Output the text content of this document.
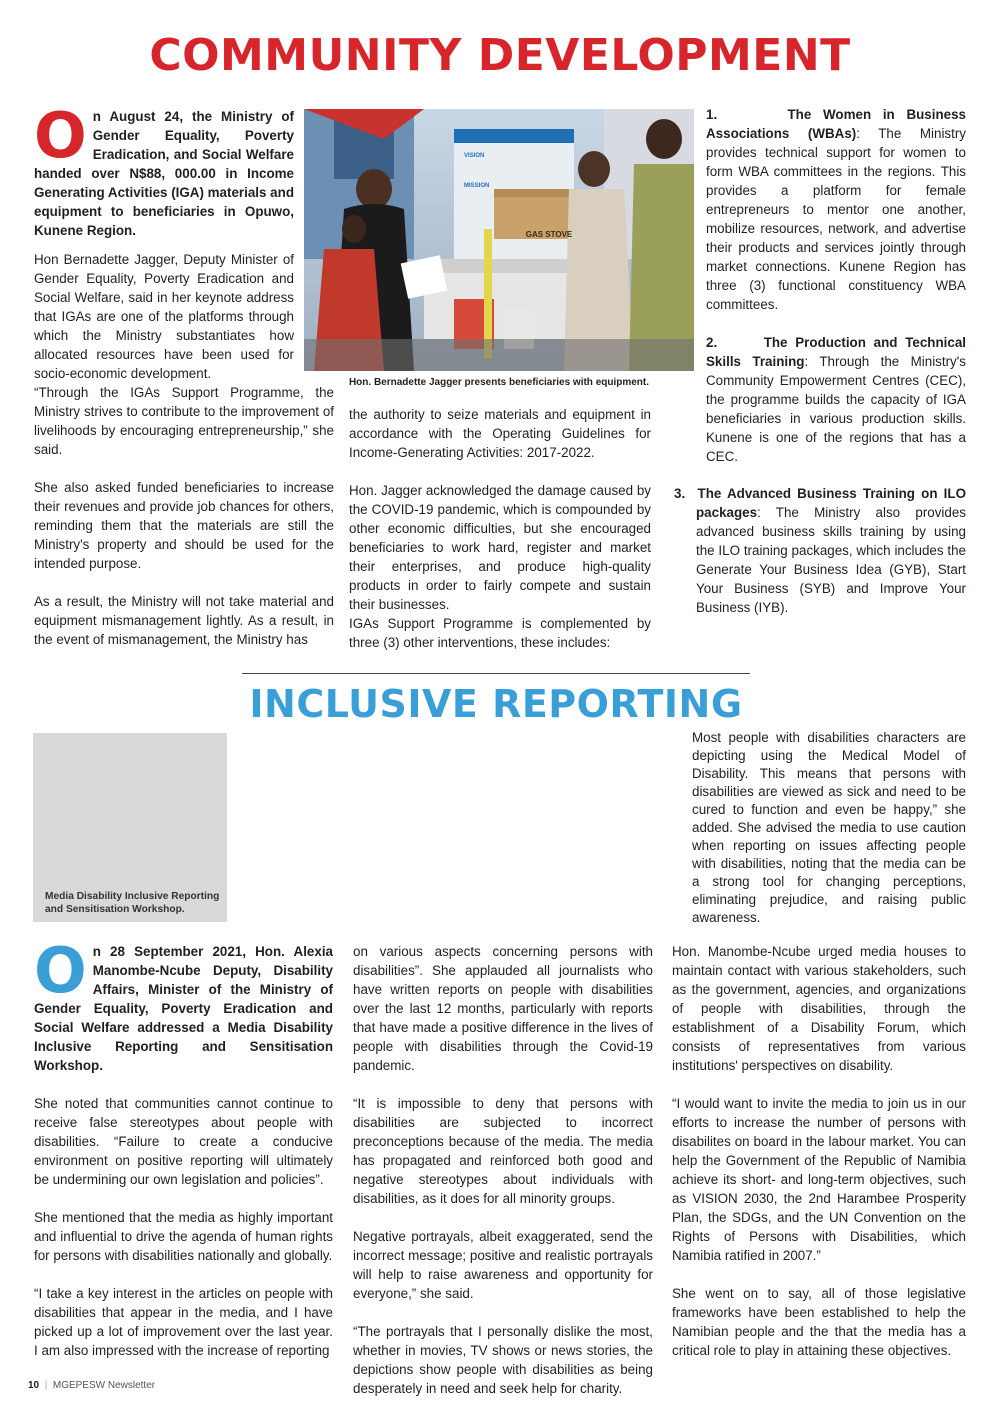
COMMUNITY DEVELOPMENT

On August 24, the Ministry of Gender Equality, Poverty Eradication, and Social Welfare handed over N$88, 000.00 in Income Generating Activities (IGA) materials and equipment to beneficiaries in Opuwo, Kunene Region.

Hon Bernadette Jagger, Deputy Minister of Gender Equality, Poverty Eradication and Social Welfare, said in her keynote address that IGAs are one of the platforms through which the Ministry substantiates how allocated resources have been used for socio-economic development.

“Through the IGAs Support Programme, the Ministry strives to contribute to the improvement of livelihoods by encouraging entrepreneurship,” she said.

She also asked funded beneficiaries to increase their revenues and provide job chances for others, reminding them that the materials are still the Ministry's property and should be used for the intended purpose.

As a result, the Ministry will not take material and equipment mismanagement lightly. As a result, in the event of mismanagement, the Ministry has

GAS STOVE
VISION
MISSION
Hon. Bernadette Jagger presents beneficiaries with equipment.

the authority to seize materials and equipment in accordance with the Operating Guidelines for Income-Generating Activities: 2017-2022.

Hon. Jagger acknowledged the damage caused by the COVID-19 pandemic, which is compounded by other economic difficulties, but she encouraged beneficiaries to work hard, register and market their enterprises, and produce high-quality products in order to fairly compete and sustain their businesses.

IGAs Support Programme is complemented by three (3) other interventions, these includes:

1.	The Women in Business Associations (WBAs): The Ministry provides technical support for women to form WBA committees in the regions. This provides a platform for female entrepreneurs to mentor one another, mobilize resources, network, and advertise their products and services jointly through market connections. Kunene Region has three (3) functional constituency WBA committees.

2.	The Production and Technical Skills Training: Through the Ministry's Community Empowerment Centres (CEC), the programme builds the capacity of IGA beneficiaries in various production skills. Kunene is one of the regions that has a CEC.

3. The Advanced Business Training on ILO packages: The Ministry also provides advanced business skills training by using the ILO training packages, which includes the Generate Your Business Idea (GYB), Start Your Business (SYB) and Improve Your Business (IYB).

INCLUSIVE REPORTING
Media Disability Inclusive Reporting and Sensitisation Workshop.

Most people with disabilities characters are depicting using the Medical Model of Disability. This means that persons with disabilities are viewed as sick and need to be cured to function and even be happy,” she added. She advised the media to use caution when reporting on issues affecting people with disabilities, noting that the media can be a strong tool for changing perceptions, eliminating prejudice, and raising public awareness.

On 28 September 2021, Hon. Alexia Manombe-Ncube Deputy, Disability Affairs, Minister of the Ministry of Gender Equality, Poverty Eradication and Social Welfare addressed a Media Disability Inclusive Reporting and Sensitisation Workshop.

She noted that communities cannot continue to receive false stereotypes about people with disabilities. “Failure to create a conducive environment on positive reporting will ultimately be undermining our own legislation and policies”.

She mentioned that the media as highly important and influential to drive the agenda of human rights for persons with disabilities nationally and globally.

“I take a key interest in the articles on people with disabilities that appear in the media, and I have picked up a lot of improvement over the last year. I am also impressed with the increase of reporting

on various aspects concerning persons with disabilities”. She applauded all journalists who have written reports on people with disabilities over the last 12 months, particularly with reports that have made a positive difference in the lives of people with disabilities through the Covid-19 pandemic.

“It is impossible to deny that persons with disabilities are subjected to incorrect preconceptions because of the media. The media has propagated and reinforced both good and negative stereotypes about individuals with disabilities, as it does for all minority groups.

Negative portrayals, albeit exaggerated, send the incorrect message; positive and realistic portrayals will help to raise awareness and opportunity for everyone,” she said.

“The portrayals that I personally dislike the most, whether in movies, TV shows or news stories, the depictions show people with disabilities as being desperately in need and seek help for charity.

Hon. Manombe-Ncube urged media houses to maintain contact with various stakeholders, such as the government, agencies, and organizations of people with disabilities, through the establishment of a Disability Forum, which consists of representatives from various institutions' perspectives on disability.

“I would want to invite the media to join us in our efforts to increase the number of persons with disabilites on board in the labour market. You can help the Government of the Republic of Namibia achieve its short- and long-term objectives, such as VISION 2030, the 2nd Harambee Prosperity Plan, the SDGs, and the UN Convention on the Rights of Persons with Disabilities, which Namibia ratified in 2007.”

She went on to say, all of those legislative frameworks have been established to help the Namibian people and the that the media has a critical role to play in attaining these objectives.

10 | MGEPESW Newsletter
